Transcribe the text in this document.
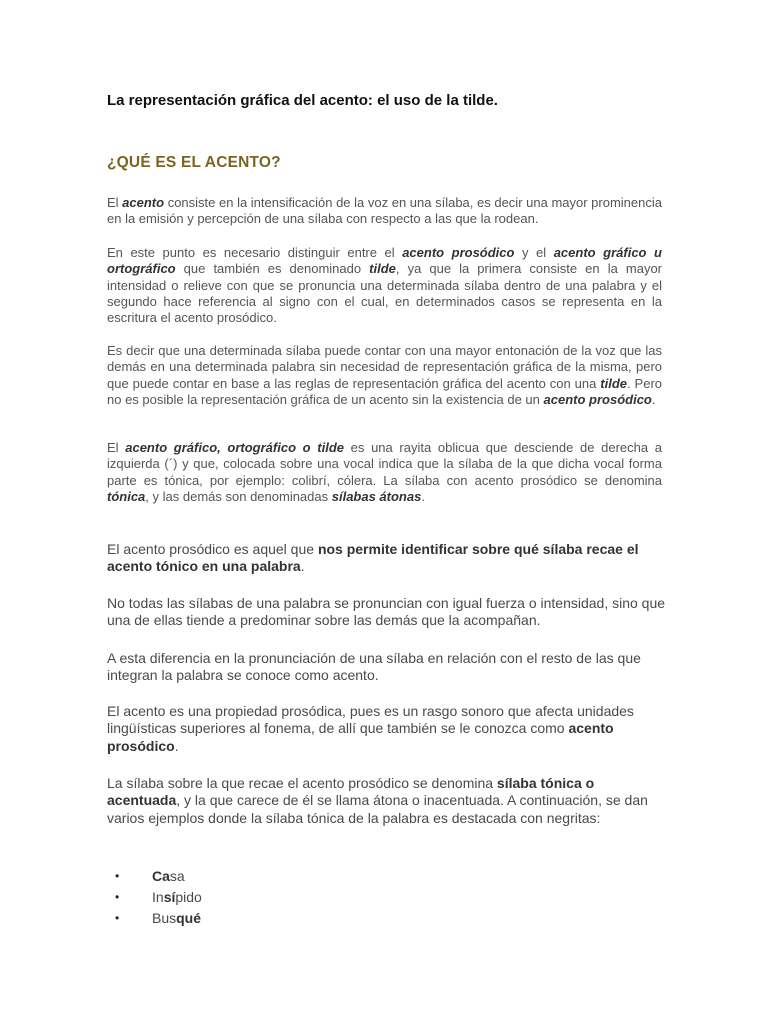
La representación gráfica del acento: el uso de la tilde.
¿QUÉ ES EL ACENTO?

El acento consiste en la intensificación de la voz en una sílaba, es decir una mayor prominencia en la emisión y percepción de una sílaba con respecto a las que la rodean.

En este punto es necesario distinguir entre el acento prosódico y el acento gráfico u ortográfico que también es denominado tilde, ya que la primera consiste en la mayor intensidad o relieve con que se pronuncia una determinada sílaba dentro de una palabra y el segundo hace referencia al signo con el cual, en determinados casos se representa en la escritura el acento prosódico.

Es decir que una determinada sílaba puede contar con una mayor entonación de la voz que las demás en una determinada palabra sin necesidad de representación gráfica de la misma, pero que puede contar en base a las reglas de representación gráfica del acento con una tilde. Pero no es posible la representación gráfica de un acento sin la existencia de un acento prosódico.

El acento gráfico, ortográfico o tilde es una rayita oblicua que desciende de derecha a izquierda (´) y que, colocada sobre una vocal indica que la sílaba de la que dicha vocal forma parte es tónica, por ejemplo: colibrí, cólera. La sílaba con acento prosódico se denomina tónica, y las demás son denominadas sílabas átonas.

El acento prosódico es aquel que nos permite identificar sobre qué sílaba recae el acento tónico en una palabra.

No todas las sílabas de una palabra se pronuncian con igual fuerza o intensidad, sino que una de ellas tiende a predominar sobre las demás que la acompañan.

A esta diferencia en la pronunciación de una sílaba en relación con el resto de las que integran la palabra se conoce como acento.

El acento es una propiedad prosódica, pues es un rasgo sonoro que afecta unidades lingüísticas superiores al fonema, de allí que también se le conozca como acento prosódico.

La sílaba sobre la que recae el acento prosódico se denomina sílaba tónica o acentuada, y la que carece de él se llama átona o inacentuada. A continuación, se dan varios ejemplos donde la sílaba tónica de la palabra es destacada con negritas:

• Casa
• Insípido
• Busqué
